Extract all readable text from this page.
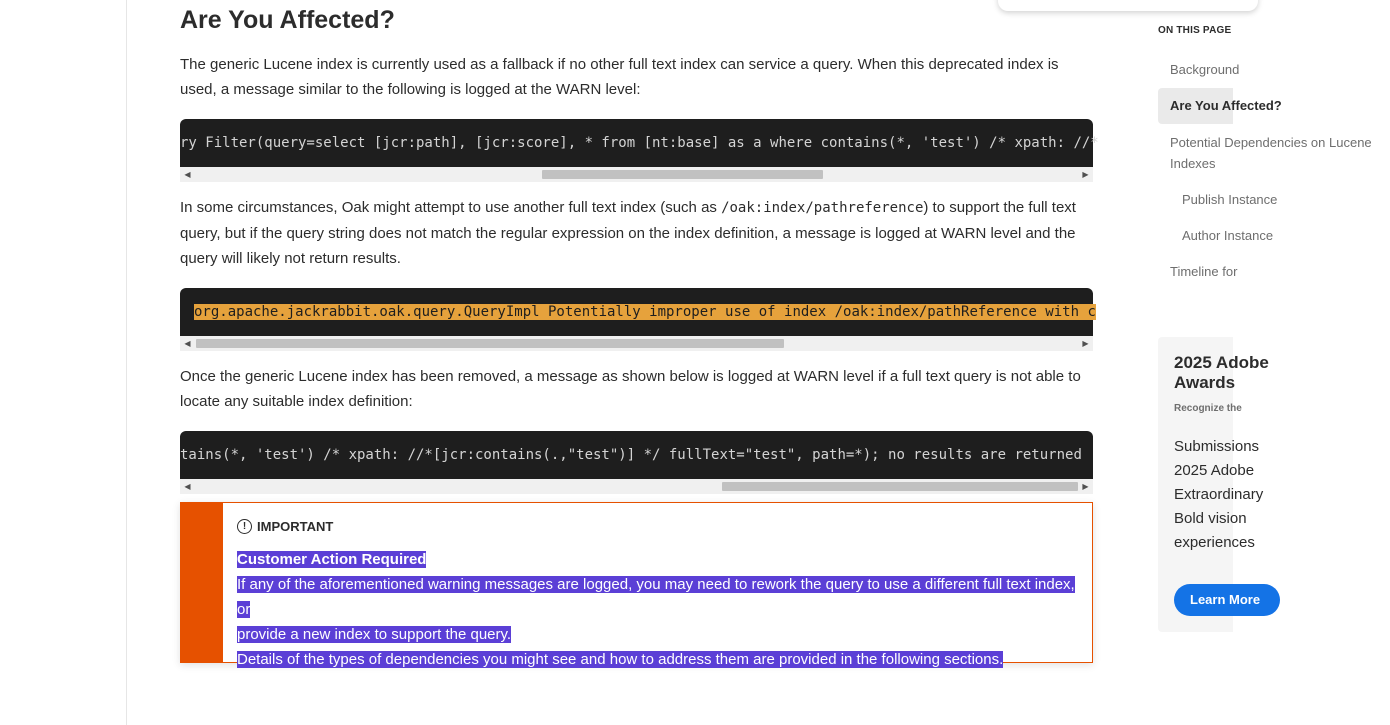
Are You Affected?

The generic Lucene index is currently used as a fallback if no other full text index can service a query. When this deprecated index is used, a message similar to the following is logged at the WARN level:

ry Filter(query=select [jcr:path], [jcr:score], * from [nt:base] as a where contains(*, 'test') /* xpath: //*
◀	▶

In some circumstances, Oak might attempt to use another full text index (such as /oak:index/pathreference) to support the full text query, but if the query string does not match the regular expression on the index definition, a message is logged at WARN level and the query will likely not return results.

org.apache.jackrabbit.oak.query.QueryImpl Potentially improper use of index /oak:index/pathReference with c
◀	▶

Once the generic Lucene index has been removed, a message as shown below is logged at WARN level if a full text query is not able to locate any suitable index definition:

tains(*, 'test') /* xpath: //*[jcr:contains(.,"test")] */ fullText="test", path=*); no results are returned
◀	▶
! IMPORTANT
Customer Action Required
If any of the aforementioned warning messages are logged, you may need to rework the query to use a different full text index, or
provide a new index to support the query.
Details of the types of dependencies you might see and how to address them are provided in the following sections.
ON THIS PAGE
Background
Are You Affected?
Potential Dependencies on Lucene Indexes
Publish Instance
Author Instance
Timeline for
2025 Adobe
Awards
Recognize the
Submissions
2025 Adobe
Extraordinary
Bold vision
experiences
Learn More
